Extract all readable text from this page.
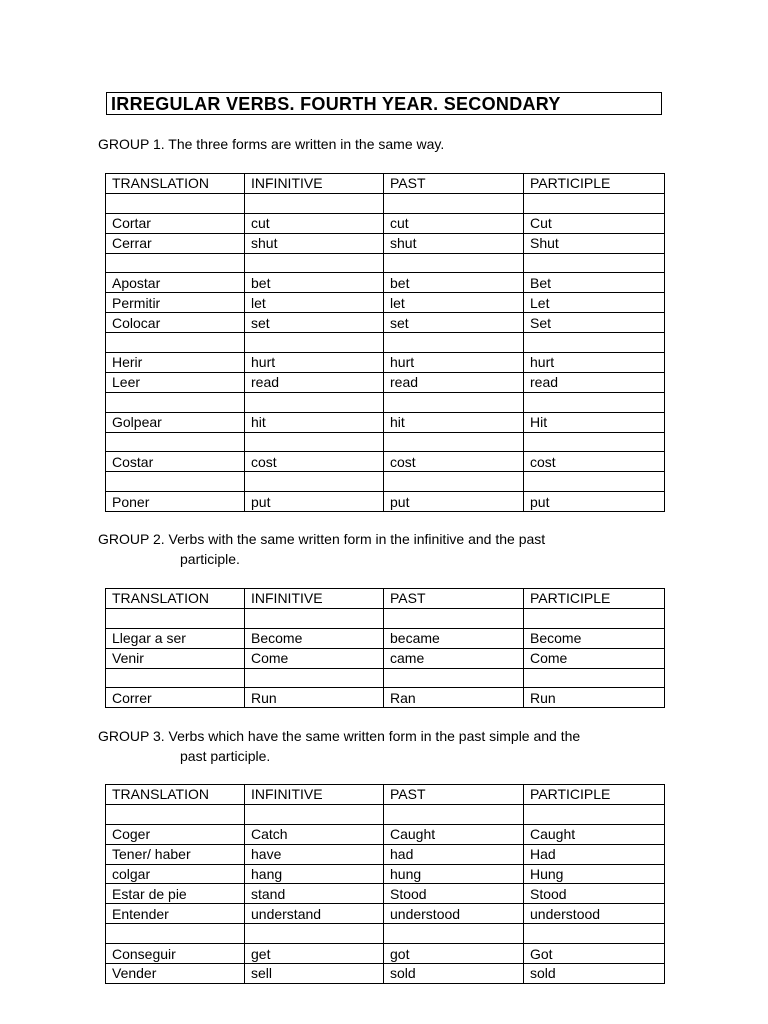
IRREGULAR VERBS. FOURTH YEAR. SECONDARY
GROUP 1. The three forms are written in the same way.
TRANSLATION	INFINITIVE	PAST	PARTICIPLE

Cortar	cut	cut	Cut
Cerrar	shut	shut	Shut

Apostar	bet	bet	Bet
Permitir	let	let	Let
Colocar	set	set	Set

Herir	hurt	hurt	hurt
Leer	read	read	read

Golpear	hit	hit	Hit

Costar	cost	cost	cost

Poner	put	put	put
GROUP 2. Verbs with the same written form in the infinitive and the past
participle.
TRANSLATION	INFINITIVE	PAST	PARTICIPLE

Llegar a ser	Become	became	Become
Venir	Come	came	Come

Correr	Run	Ran	Run
GROUP 3. Verbs which have the same written form in the past simple and the
past participle.
TRANSLATION	INFINITIVE	PAST	PARTICIPLE

Coger	Catch	Caught	Caught
Tener/ haber	have	had	Had
colgar	hang	hung	Hung
Estar de pie	stand	Stood	Stood
Entender	understand	understood	understood

Conseguir	get	got	Got
Vender	sell	sold	sold
